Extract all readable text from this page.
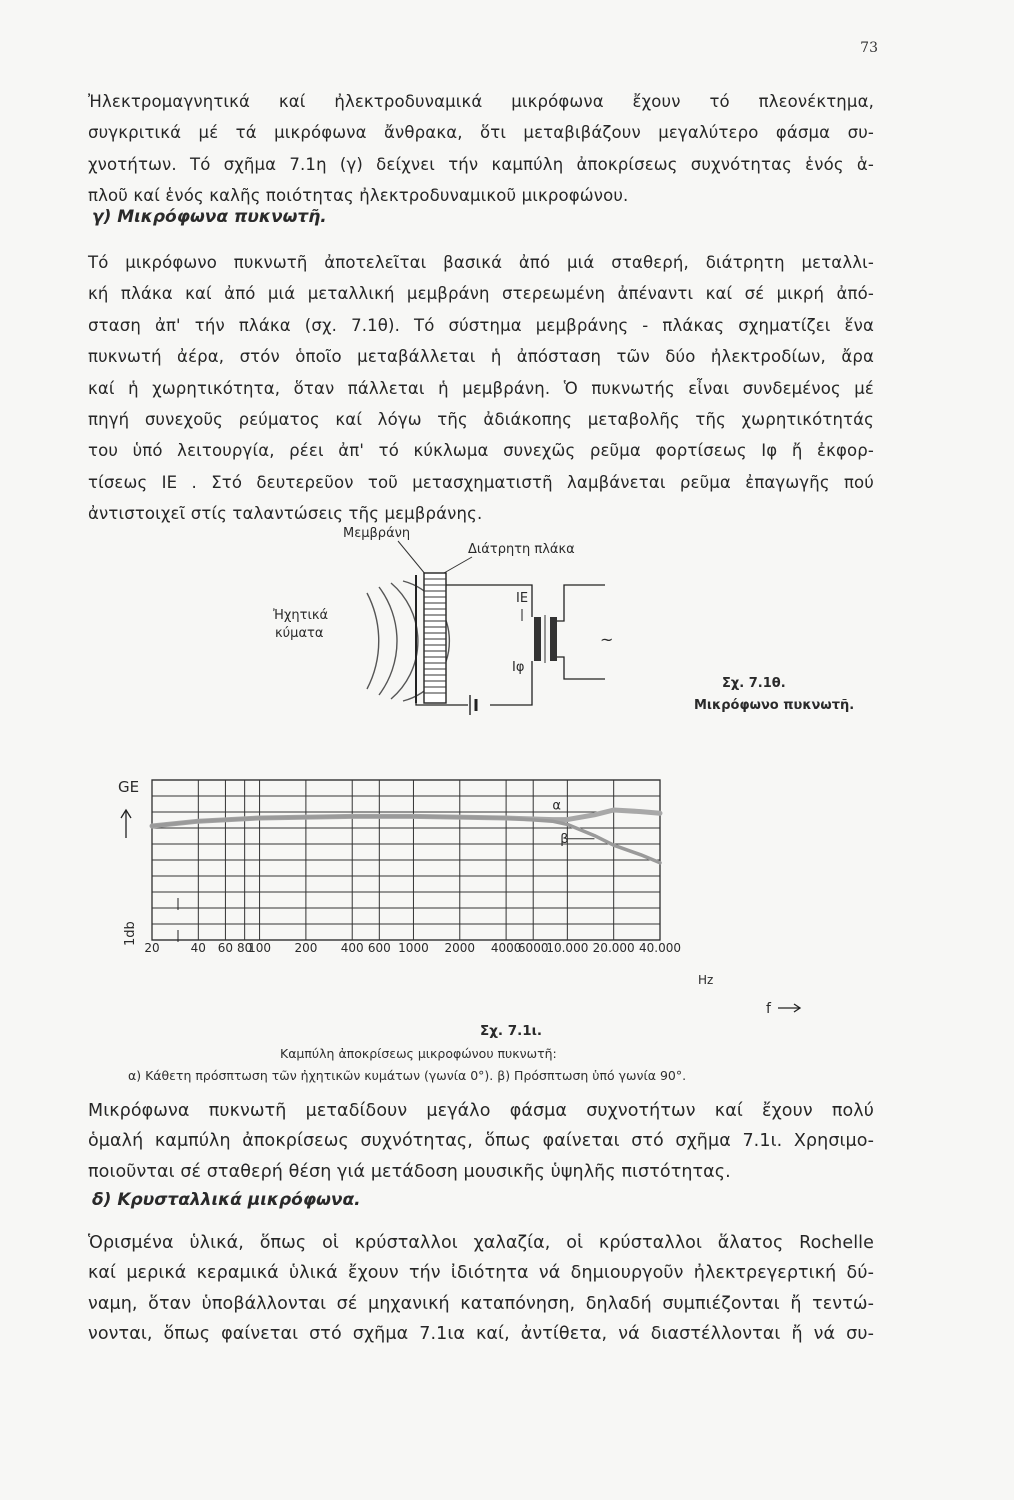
73

Ἠλεκτρομαγνητικά καί ἠλεκτροδυναμικά μικρόφωνα ἔχουν τό πλεονέκτημα,

συγκριτικά μέ τά μικρόφωνα ἄνθρακα, ὅτι μεταβιβάζουν μεγαλύτερο φάσμα συ-

χνοτήτων. Τό σχῆμα 7.1η (γ) δείχνει τήν καμπύλη ἀποκρίσεως συχνότητας ἑνός ἁ-

πλοῦ καί ἑνός καλῆς ποιότητας ἠλεκτροδυναμικοῦ μικροφώνου.

γ) Μικρόφωνα πυκνωτῆ.

Τό μικρόφωνο πυκνωτῆ ἀποτελεῖται βασικά ἀπό μιά σταθερή, διάτρητη μεταλλι-

κή πλάκα καί ἀπό μιά μεταλλική μεμβράνη στερεωμένη ἀπέναντι καί σέ μικρή ἀπό-

σταση ἀπ' τήν πλάκα (σχ. 7.1θ). Τό σύστημα μεμβράνης - πλάκας σχηματίζει ἕνα

πυκνωτή ἀέρα, στόν ὁποῖο μεταβάλλεται ἡ ἀπόσταση τῶν δύο ἠλεκτροδίων, ἄρα

καί ἡ χωρητικότητα, ὅταν πάλλεται ἡ μεμβράνη. Ὁ πυκνωτής εἶναι συνδεμένος μέ

πηγή συνεχοῦς ρεύματος καί λόγω τῆς ἀδιάκοπης μεταβολῆς τῆς χωρητικότητάς

του ὑπό λειτουργία, ρέει ἀπ' τό κύκλωμα συνεχῶς ρεῦμα φορτίσεως Ιφ ἤ ἐκφορ-

τίσεως ΙΕ . Στό δευτερεῦον τοῦ μετασχηματιστῆ λαμβάνεται ρεῦμα ἐπαγωγῆς πού

ἀντιστοιχεῖ στίς ταλαντώσεις τῆς μεμβράνης.

Μεμβράνη
Διάτρητη πλάκα
Ἠχητικά
κύματα
ΙΕ
Ιφ
~
Σχ. 7.1θ.
Μικρόφωνο πυκνωτῆ.
20	40 60 80
100 200 400 600 1000 2000 4000
6000
10.000 20.000 40.000
GE
1db
α
β
Hz
f
Σχ. 7.1ι.
Καμπύλη ἀποκρίσεως μικροφώνου πυκνωτῆ:
α) Κάθετη πρόσπτωση τῶν ἠχητικῶν κυμάτων (γωνία 0°). β) Πρόσπτωση ὑπό γωνία 90°.

Μικρόφωνα πυκνωτῆ μεταδίδουν μεγάλο φάσμα συχνοτήτων καί ἔχουν πολύ

ὁμαλή καμπύλη ἀποκρίσεως συχνότητας, ὅπως φαίνεται στό σχῆμα 7.1ι. Χρησιμο-

ποιοῦνται σέ σταθερή θέση γιά μετάδοση μουσικῆς ὑψηλῆς πιστότητας.

δ) Κρυσταλλικά μικρόφωνα.

Ὁρισμένα ὑλικά, ὅπως οἱ κρύσταλλοι χαλαζία, οἱ κρύσταλλοι ἅλατος Rochelle

καί μερικά κεραμικά ὑλικά ἔχουν τήν ἰδιότητα νά δημιουργοῦν ἠλεκτρεγερτική δύ-

ναμη, ὅταν ὑποβάλλονται σέ μηχανική καταπόνηση, δηλαδή συμπιέζονται ἤ τεντώ-

νονται, ὅπως φαίνεται στό σχῆμα 7.1ια καί, ἀντίθετα, νά διαστέλλονται ἤ νά συ-
